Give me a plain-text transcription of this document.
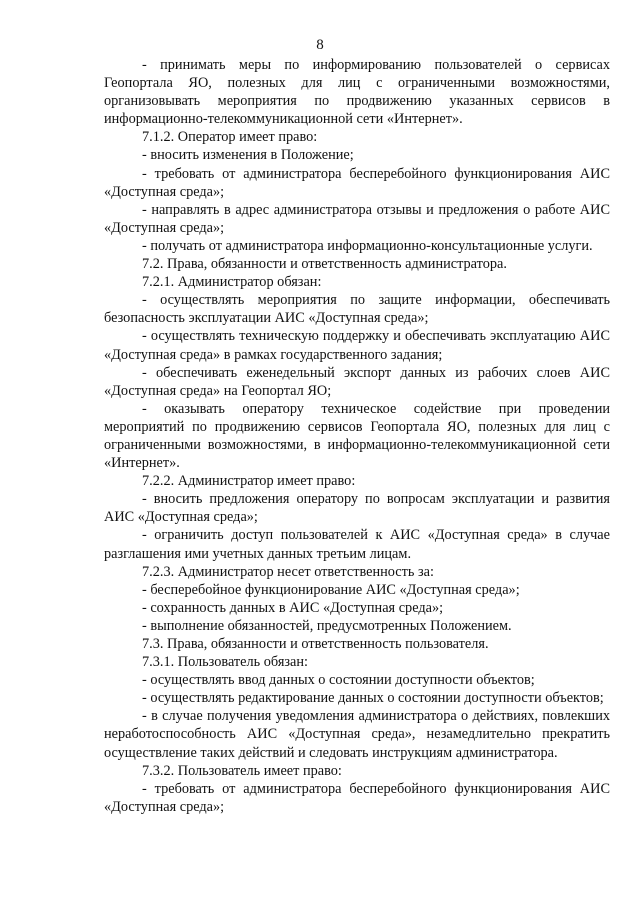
8

- принимать меры по информированию пользователей о сервисах Геопортала ЯО, полезных для лиц с ограниченными возможностями, организовывать мероприятия по продвижению указанных сервисов в информационно-телекоммуникационной сети «Интернет».

7.1.2. Оператор имеет право:

- вносить изменения в Положение;

- требовать от администратора бесперебойного функционирования АИС «Доступная среда»;

- направлять в адрес администратора отзывы и предложения о работе АИС «Доступная среда»;

- получать от администратора информационно-консультационные услуги.

7.2. Права, обязанности и ответственность администратора.

7.2.1. Администратор обязан:

- осуществлять мероприятия по защите информации, обеспечивать безопасность эксплуатации АИС «Доступная среда»;

- осуществлять техническую поддержку и обеспечивать эксплуатацию АИС «Доступная среда» в рамках государственного задания;

- обеспечивать еженедельный экспорт данных из рабочих слоев АИС «Доступная среда» на Геопортал ЯО;

- оказывать оператору техническое содействие при проведении мероприятий по продвижению сервисов Геопортала ЯО, полезных для лиц с ограниченными возможностями, в информационно-телекоммуникационной сети «Интернет».

7.2.2. Администратор имеет право:

- вносить предложения оператору по вопросам эксплуатации и развития АИС «Доступная среда»;

- ограничить доступ пользователей к АИС «Доступная среда» в случае разглашения ими учетных данных третьим лицам.

7.2.3. Администратор несет ответственность за:

- бесперебойное функционирование АИС «Доступная среда»;

- сохранность данных в АИС «Доступная среда»;

- выполнение обязанностей, предусмотренных Положением.

7.3. Права, обязанности и ответственность пользователя.

7.3.1. Пользователь обязан:

- осуществлять ввод данных о состоянии доступности объектов;

- осуществлять редактирование данных о состоянии доступности объектов;

- в случае получения уведомления администратора о действиях, повлекших неработоспособность АИС «Доступная среда», незамедлительно прекратить осуществление таких действий и следовать инструкциям администратора.

7.3.2. Пользователь имеет право:

- требовать от администратора бесперебойного функционирования АИС «Доступная среда»;
